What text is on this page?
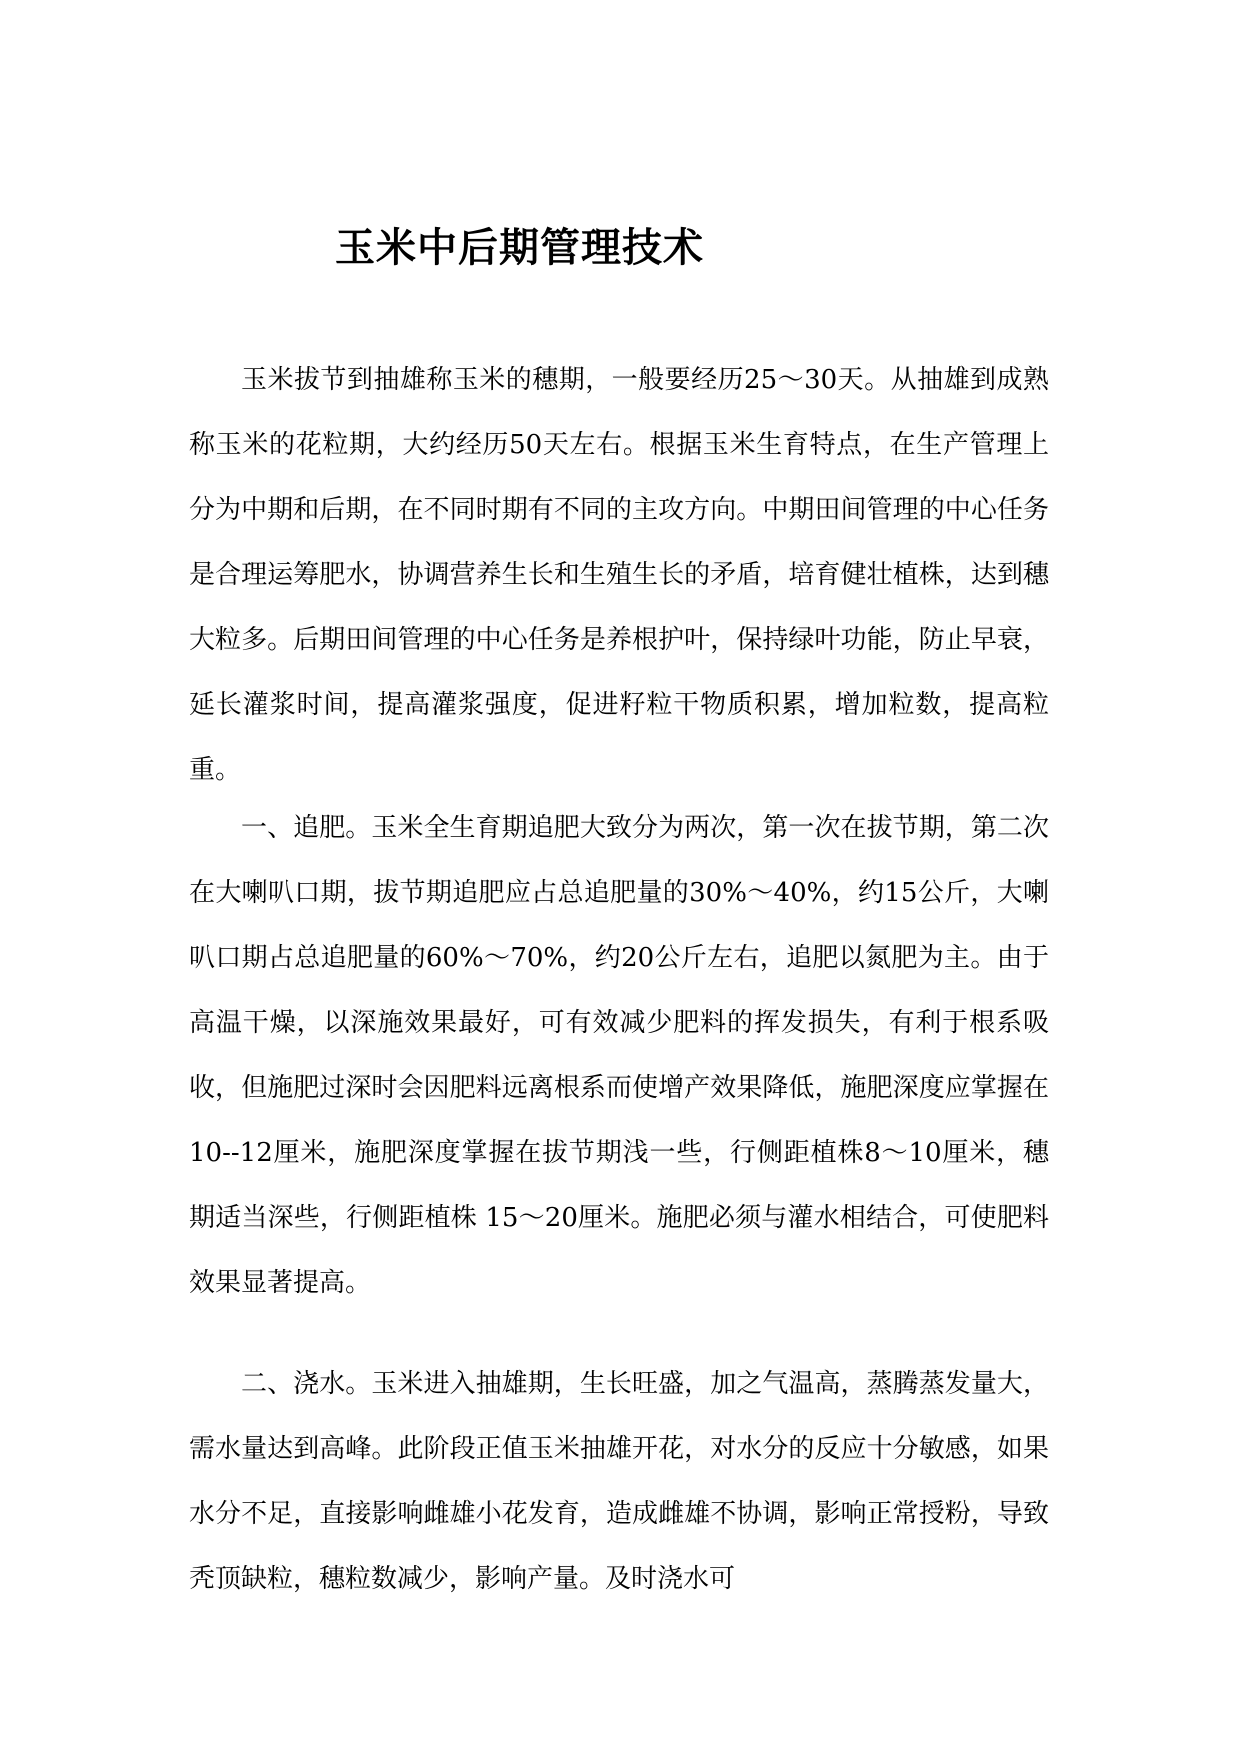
玉米中后期管理技术

玉米拔节到抽雄称玉米的穗期，一般要经历25～30天。从抽雄到成熟称玉米的花粒期，大约经历50天左右。根据玉米生育特点，在生产管理上分为中期和后期，在不同时期有不同的主攻方向。中期田间管理的中心任务是合理运筹肥水，协调营养生长和生殖生长的矛盾，培育健壮植株，达到穗大粒多。后期田间管理的中心任务是养根护叶，保持绿叶功能，防止早衰，延长灌浆时间，提高灌浆强度，促进籽粒干物质积累，增加粒数，提高粒重。

一、追肥。玉米全生育期追肥大致分为两次，第一次在拔节期，第二次在大喇叭口期，拔节期追肥应占总追肥量的30%～40%，约15公斤，大喇叭口期占总追肥量的60%～70%，约20公斤左右，追肥以氮肥为主。由于高温干燥，以深施效果最好，可有效减少肥料的挥发损失，有利于根系吸收，但施肥过深时会因肥料远离根系而使增产效果降低，施肥深度应掌握在10--12厘米，施肥深度掌握在拔节期浅一些，行侧距植株8～10厘米，穗期适当深些，行侧距植株 15～20厘米。施肥必须与灌水相结合，可使肥料效果显著提高。

二、浇水。玉米进入抽雄期，生长旺盛，加之气温高，蒸腾蒸发量大，需水量达到高峰。此阶段正值玉米抽雄开花，对水分的反应十分敏感，如果水分不足，直接影响雌雄小花发育，造成雌雄不协调，影响正常授粉，导致秃顶缺粒，穗粒数减少，影响产量。及时浇水可
